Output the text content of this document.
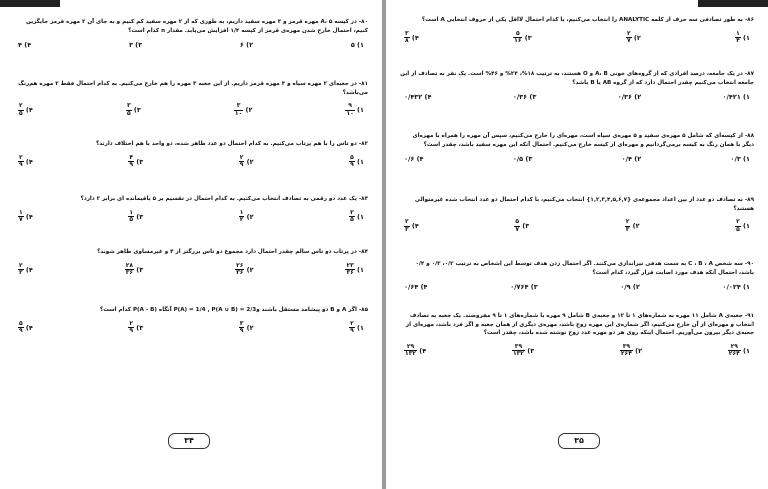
۸۰- در کیسه A، ۵ مهره قرمز و ۳ مهره سفید داریم، به طوری که از ۲ مهره سفید کم کنیم و به جای آن ۲ مهره قرمز جایگزین کنیم، احتمال خارج شدن مهره‌ی قرمز از کیسه ۱/۴ افزایش می‌یابد. مقدار n کدام است؟
۱) ۵
۲) ۶
۳) ۳
۴) ۴
۸۱- در جعبه‌ای ۲ مهره سیاه و ۳ مهره قرمز داریم. از این جعبه ۳ مهره را هم خارج می‌کنیم. به کدام احتمال فقط ۲ مهره هم‌رنگ می‌باشد؟
۱)
$\frac{۹}{۱۰}$
۲)
$\frac{۳}{۱۰}$
۳)
$\frac{۳}{۵}$
۴)
$\frac{۲}{۵}$
۸۲- دو تاس را با هم پرتاب می‌کنیم. به کدام احتمال دو عدد ظاهر شده، دو واحد با هم اختلاف دارند؟
۱)
$\frac{۵}{۹}$
۲)
$\frac{۲}{۹}$
۳)
$\frac{۴}{۹}$
۴)
$\frac{۲}{۹}$
۸۳- یک عدد دو رقمی به تصادف انتخاب می‌کنیم. به کدام احتمال در تقسیم بر ۵ باقیمانده ای برابر ۲ دارد؟
۱)
$\frac{۲}{۵}$
۲)
$\frac{۱}{۲}$
۳)
$\frac{۱}{۵}$
۴)
$\frac{۱}{۷}$
۸۴- در پرتاب دو تاس سالم چقدر احتمال دارد مجموع دو تاس بزرگتر از ۴ و غیرمساوی ظاهر شوند؟
۱)
$\frac{۲۳}{۳۶}$
۲)
$\frac{۲۶}{۳۶}$
۳)
$\frac{۲۸}{۳۶}$
۴)
$\frac{۲}{۳}$
۸۵- اگر A و B دو پیشامد مستقل باشند وP(A) = 1/4 , P(A ∪ B) = 2/3 آنگاه P(A - B) کدام است؟
۱)
$\frac{۲}{۹}$
۲)
$\frac{۳}{۹}$
۳)
$\frac{۲}{۹}$
۴)
$\frac{۵}{۹}$
۳۴
۸۶- به طور تصادفی سه حرف از کلمه ANALYTIC را انتخاب می‌کنیم، با کدام احتمال لااقل یکی از حروف انتخابی A است؟
۱)
$\frac{۱}{۴}$
۲)
$\frac{۲}{۷}$
۳)
$\frac{۵}{۱۶}$
۴)
$\frac{۳}{۸}$
۸۷- در یک جامعه، درصد افرادی که از گروه‌های خونی A، B و O هستند، به ترتیب ۱۸%، ۲۴% و ۴۶% است. یک نفر به تصادف از این جامعه انتخاب می‌کنیم چقدر احتمال دارد که از گروه AB یا B باشد؟
۱) ۰/۴۲۱
۲) ۰/۳۶
۳) ۰/۳۶
۴) ۰/۴۳۲
۸۸- از کیسه‌ای که شامل ۵ مهره‌ی سفید و ۵ مهره‌ی سیاه است، مهره‌ای را خارج می‌کنیم، سپس آن مهره را همراه با مهره‌ای دیگر با همان رنگ به کیسه برمی‌گردانیم و مهره‌ای از کیسه خارج می‌کنیم. احتمال آنکه این مهره سفید باشد، چقدر است؟
۱) ۰/۳
۲) ۰/۴
۳) ۰/۵
۴) ۰/۶
۸۹- به تصادف دو عدد از بین اعداد مجموعه‌ی {۱,۲,۳,۴,۵,۶,۷} انتخاب می‌کنیم، با کدام احتمال دو عدد انتخاب شده غیرمتوالی هستند؟
۱)
$\frac{۲}{۵}$
۲)
$\frac{۲}{۳}$
۳)
$\frac{۵}{۷}$
۴)
$\frac{۲}{۳}$
۹۰- سه شخص C ، B ، A به سمت هدفی تیراندازی می‌کنند. اگر احتمال زدن هدف توسط این اشخاص به ترتیب ۰/۲، ۰/۳ و ۰/۴ باشد، احتمال آنکه هدف مورد اصابت قرار گیرد، کدام است؟
۱) ۰/۰۲۴
۲) ۰/۹
۳) ۰/۷۶۴
۴) ۰/۶۴
۹۱- جعبه‌ی A شامل ۱۱ مهره به شماره‌های ۱ تا ۱۲ و جعبه‌ی B شامل ۹ مهره با شماره‌های ۱ تا ۹ مفروضند. یک جعبه به تصادف انتخاب و مهره‌ای از آن خارج می‌کنیم، اگر شماره‌ی این مهره زوج باشد، مهره‌ی دیگری از همان جعبه و اگر فرد باشد، مهره‌ای از جعبه‌ی دیگر بیرون می‌آوریم. احتمال اینکه روی هر دو مهره عدد زوج نوشته شده باشد، چقدر است؟
۱)
$\frac{۲۹}{۲۶۴}$
۲)
$\frac{۳۹}{۲۶۴}$
۳)
$\frac{۳۹}{۱۳۲}$
۴)
$\frac{۲۹}{۱۳۲}$
۳۵
